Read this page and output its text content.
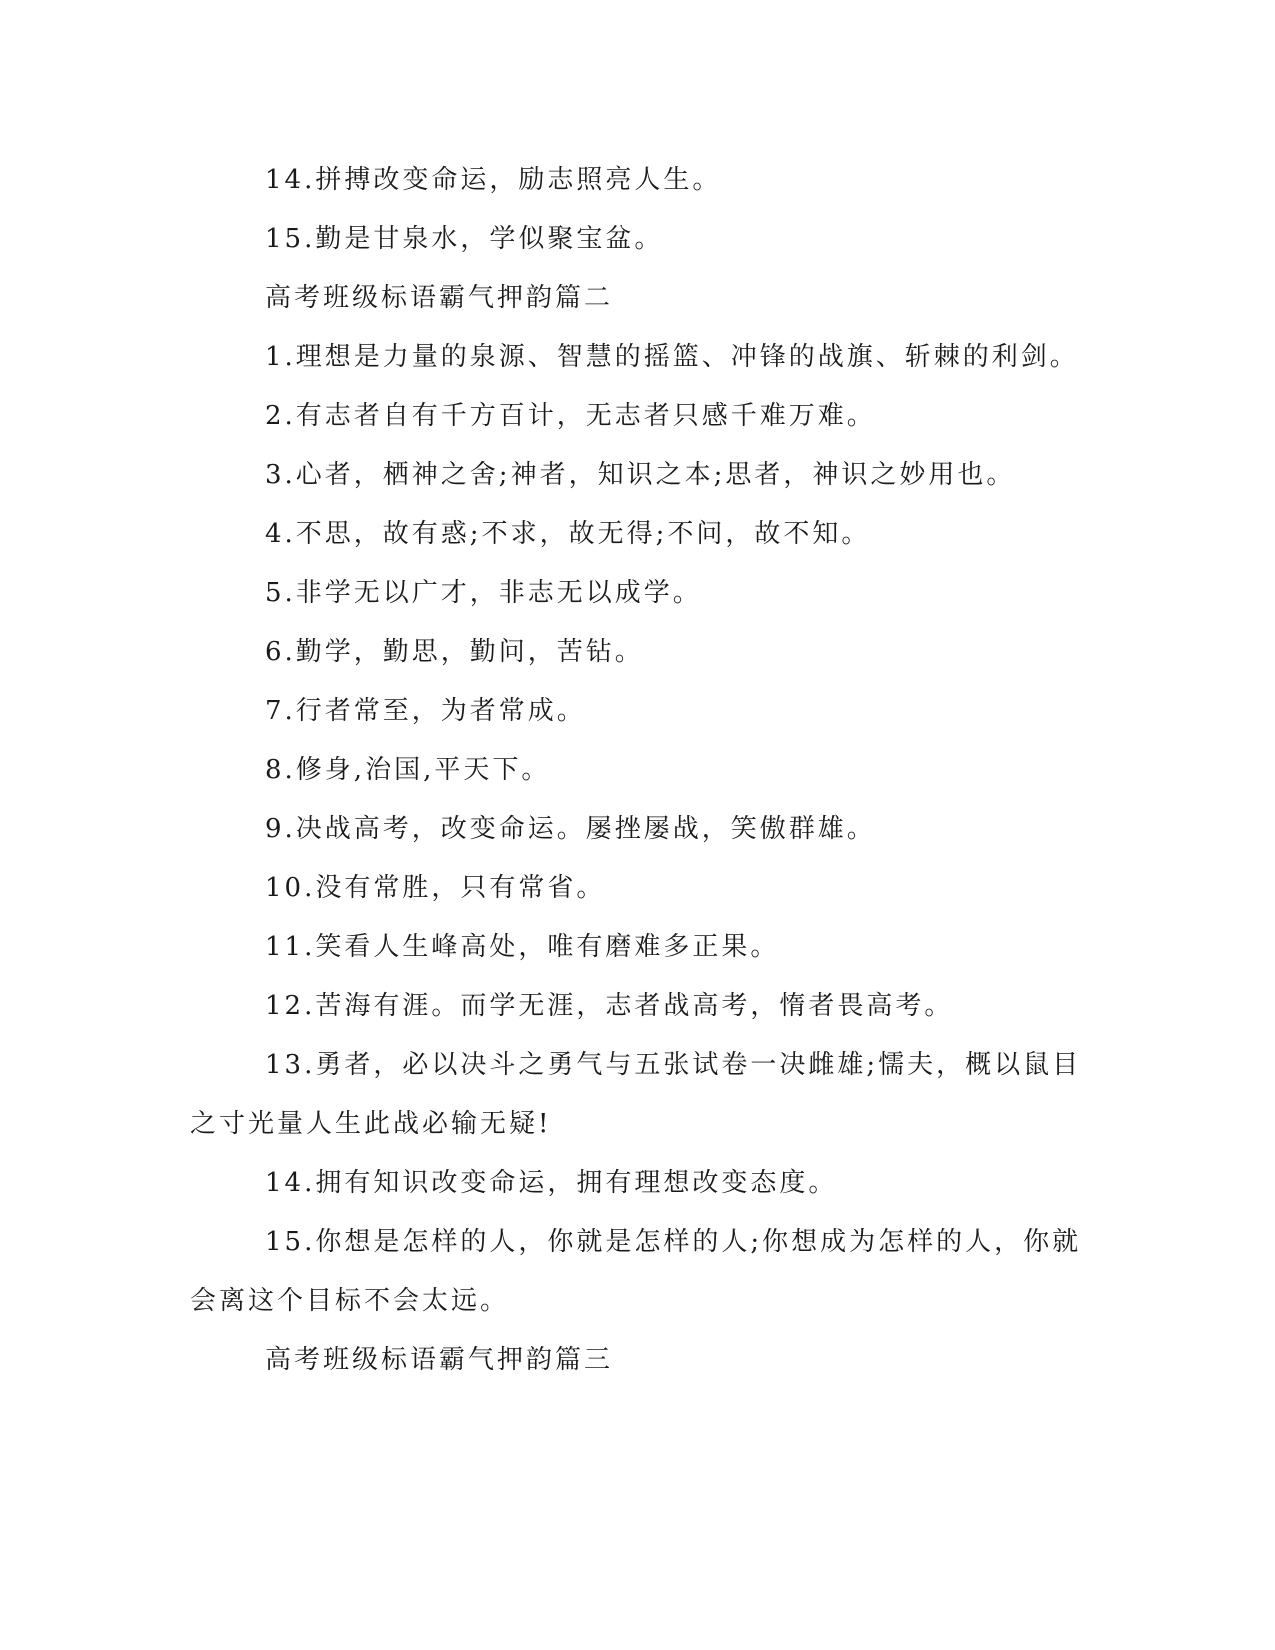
14.拼搏改变命运，励志照亮人生。
15.勤是甘泉水，学似聚宝盆。
高考班级标语霸气押韵篇二
1.理想是力量的泉源、智慧的摇篮、冲锋的战旗、斩棘的利剑。
2.有志者自有千方百计，无志者只感千难万难。
3.心者，栖神之舍;神者，知识之本;思者，神识之妙用也。
4.不思，故有惑;不求，故无得;不问，故不知。
5.非学无以广才，非志无以成学。
6.勤学，勤思，勤问，苦钻。
7.行者常至，为者常成。
8.修身,治国,平天下。
9.决战高考，改变命运。屡挫屡战，笑傲群雄。
10.没有常胜，只有常省。
11.笑看人生峰高处，唯有磨难多正果。
12.苦海有涯。而学无涯，志者战高考，惰者畏高考。
13.勇者，必以决斗之勇气与五张试卷一决雌雄;懦夫，概以鼠目
之寸光量人生此战必输无疑!
14.拥有知识改变命运，拥有理想改变态度。
15.你想是怎样的人，你就是怎样的人;你想成为怎样的人，你就
会离这个目标不会太远。
高考班级标语霸气押韵篇三
